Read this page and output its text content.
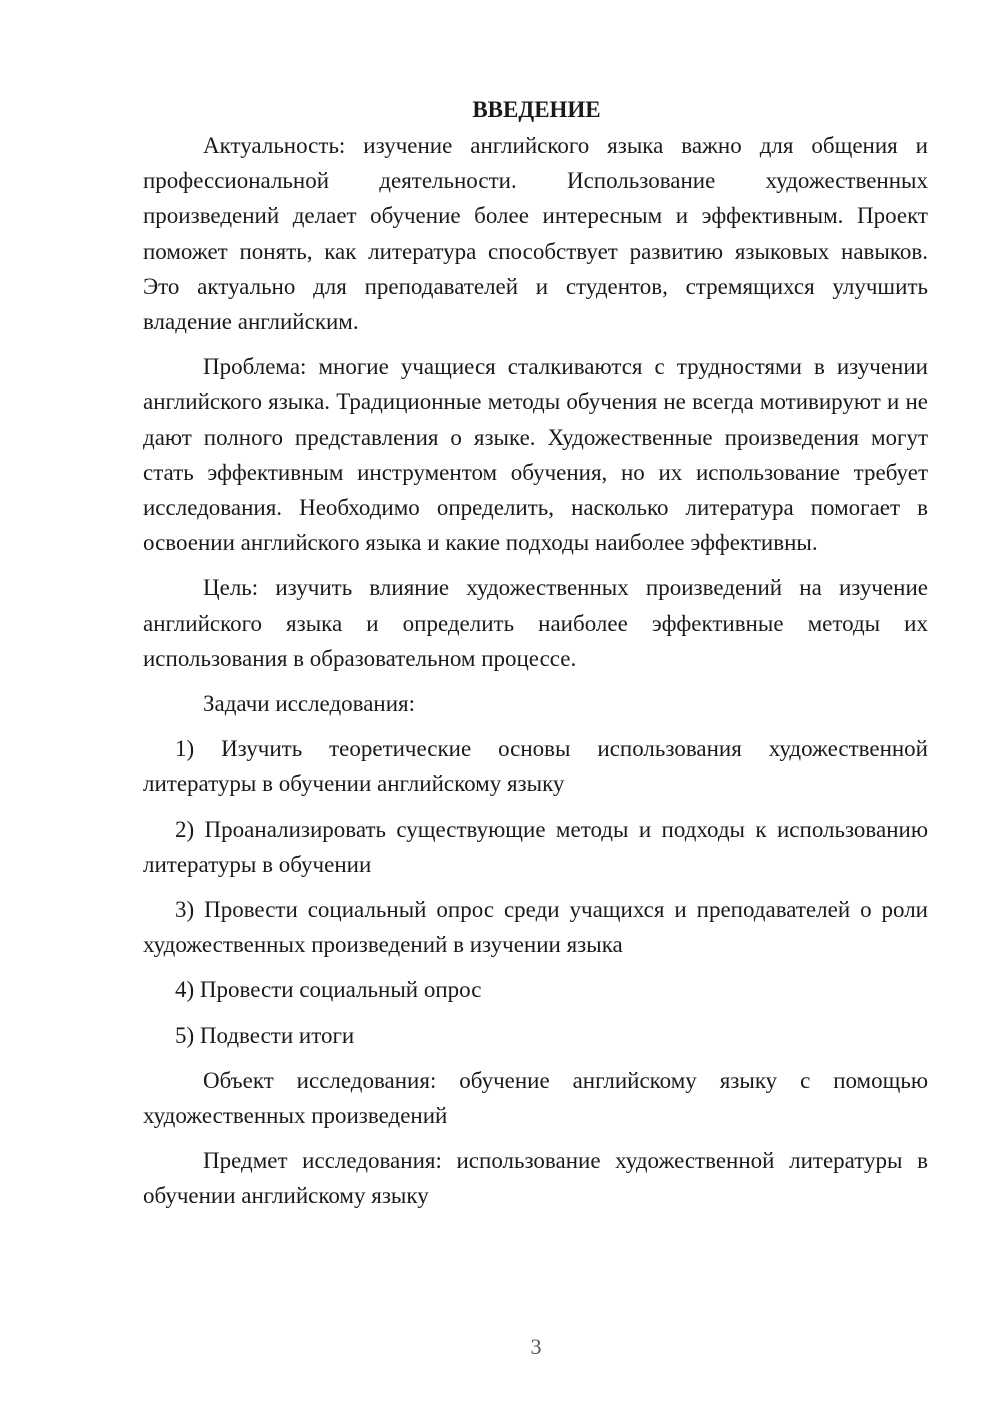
ВВЕДЕНИЕ

Актуальность: изучение английского языка важно для общения и профессиональной деятельности. Использование художественных произведений делает обучение более интересным и эффективным. Проект поможет понять, как литература способствует развитию языковых навыков. Это актуально для преподавателей и студентов, стремящихся улучшить владение английским.

Проблема: многие учащиеся сталкиваются с трудностями в изучении английского языка. Традиционные методы обучения не всегда мотивируют и не дают полного представления о языке. Художественные произведения могут стать эффективным инструментом обучения, но их использование требует исследования. Необходимо определить, насколько литература помогает в освоении английского языка и какие подходы наиболее эффективны.

Цель: изучить влияние художественных произведений на изучение английского языка и определить наиболее эффективные методы их использования в образовательном процессе.

Задачи исследования:

1) Изучить теоретические основы использования художественной литературы в обучении английскому языку

2) Проанализировать существующие методы и подходы к использованию литературы в обучении

3) Провести социальный опрос среди учащихся и преподавателей о роли художественных произведений в изучении языка

4) Провести социальный опрос

5) Подвести итоги

Объект исследования: обучение английскому языку с помощью художественных произведений

Предмет исследования: использование художественной литературы в обучении английскому языку

3
